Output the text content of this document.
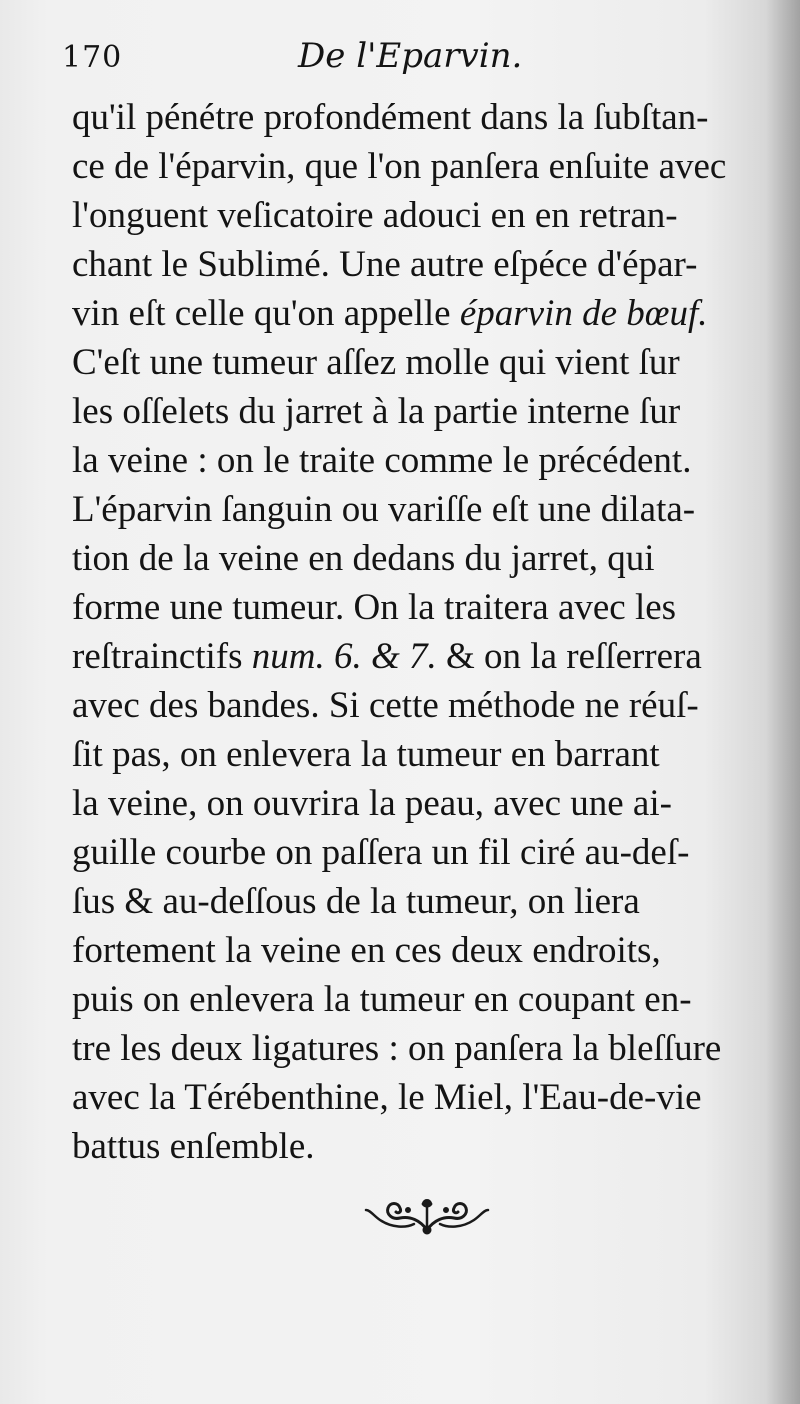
170	De l'Eparvin.
qu'il pénétre profondément dans la ſubſtan-
ce de l'éparvin, que l'on panſera enſuite avec
l'onguent veſicatoire adouci en en retran-
chant le Sublimé. Une autre eſpéce d'épar-
vin eſt celle qu'on appelle éparvin de bœuf.
C'eſt une tumeur aſſez molle qui vient ſur
les oſſelets du jarret à la partie interne ſur
la veine : on le traite comme le précédent.
L'éparvin ſanguin ou variſſe eſt une dilata-
tion de la veine en dedans du jarret, qui
forme une tumeur. On la traitera avec les
reſtrainctifs num. 6. & 7. & on la reſſerrera
avec des bandes. Si cette méthode ne réuſ-
ſit pas, on enlevera la tumeur en barrant
la veine, on ouvrira la peau, avec une ai-
guille courbe on paſſera un fil ciré au-deſ-
ſus & au-deſſous de la tumeur, on liera
fortement la veine en ces deux endroits,
puis on enlevera la tumeur en coupant en-
tre les deux ligatures : on panſera la bleſſure
avec la Térébenthine, le Miel, l'Eau-de-vie
battus enſemble.
